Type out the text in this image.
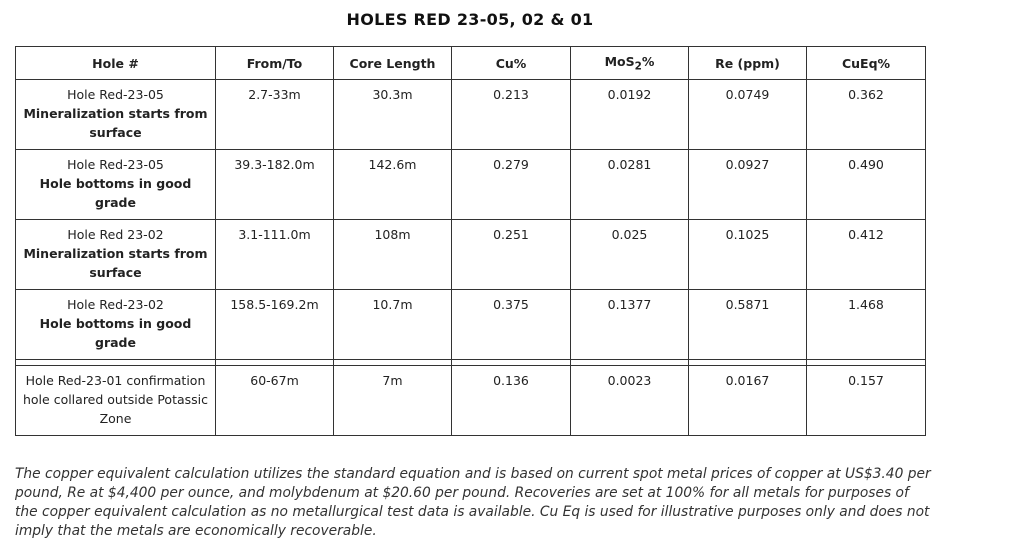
HOLES RED 23-05, 02 & 01
Hole #	From/To	Core Length	Cu%	MoS$_2$%	Re (ppm)	CuEq%

Hole Red-23-05
Mineralization starts from surface	2.7-33m	30.3m	0.213	0.0192	0.0749	0.362

Hole Red-23-05
Hole bottoms in good grade	39.3-182.0m	142.6m	0.279	0.0281	0.0927	0.490

Hole Red 23-02
Mineralization starts from surface	3.1-111.0m	108m	0.251	0.025	0.1025	0.412

Hole Red-23-02
Hole bottoms in good grade	158.5-169.2m	10.7m	0.375	0.1377	0.5871	1.468

Hole Red-23-01 confirmation hole collared outside Potassic Zone	60-67m	7m	0.136	0.0023	0.0167	0.157
The copper equivalent calculation utilizes the standard equation and is based on current spot metal prices of copper at US$3.40 per pound, Re at $4,400 per ounce, and molybdenum at $20.60 per pound. Recoveries are set at 100% for all metals for purposes of the copper equivalent calculation as no metallurgical test data is available. Cu Eq is used for illustrative purposes only and does not imply that the metals are economically recoverable.
